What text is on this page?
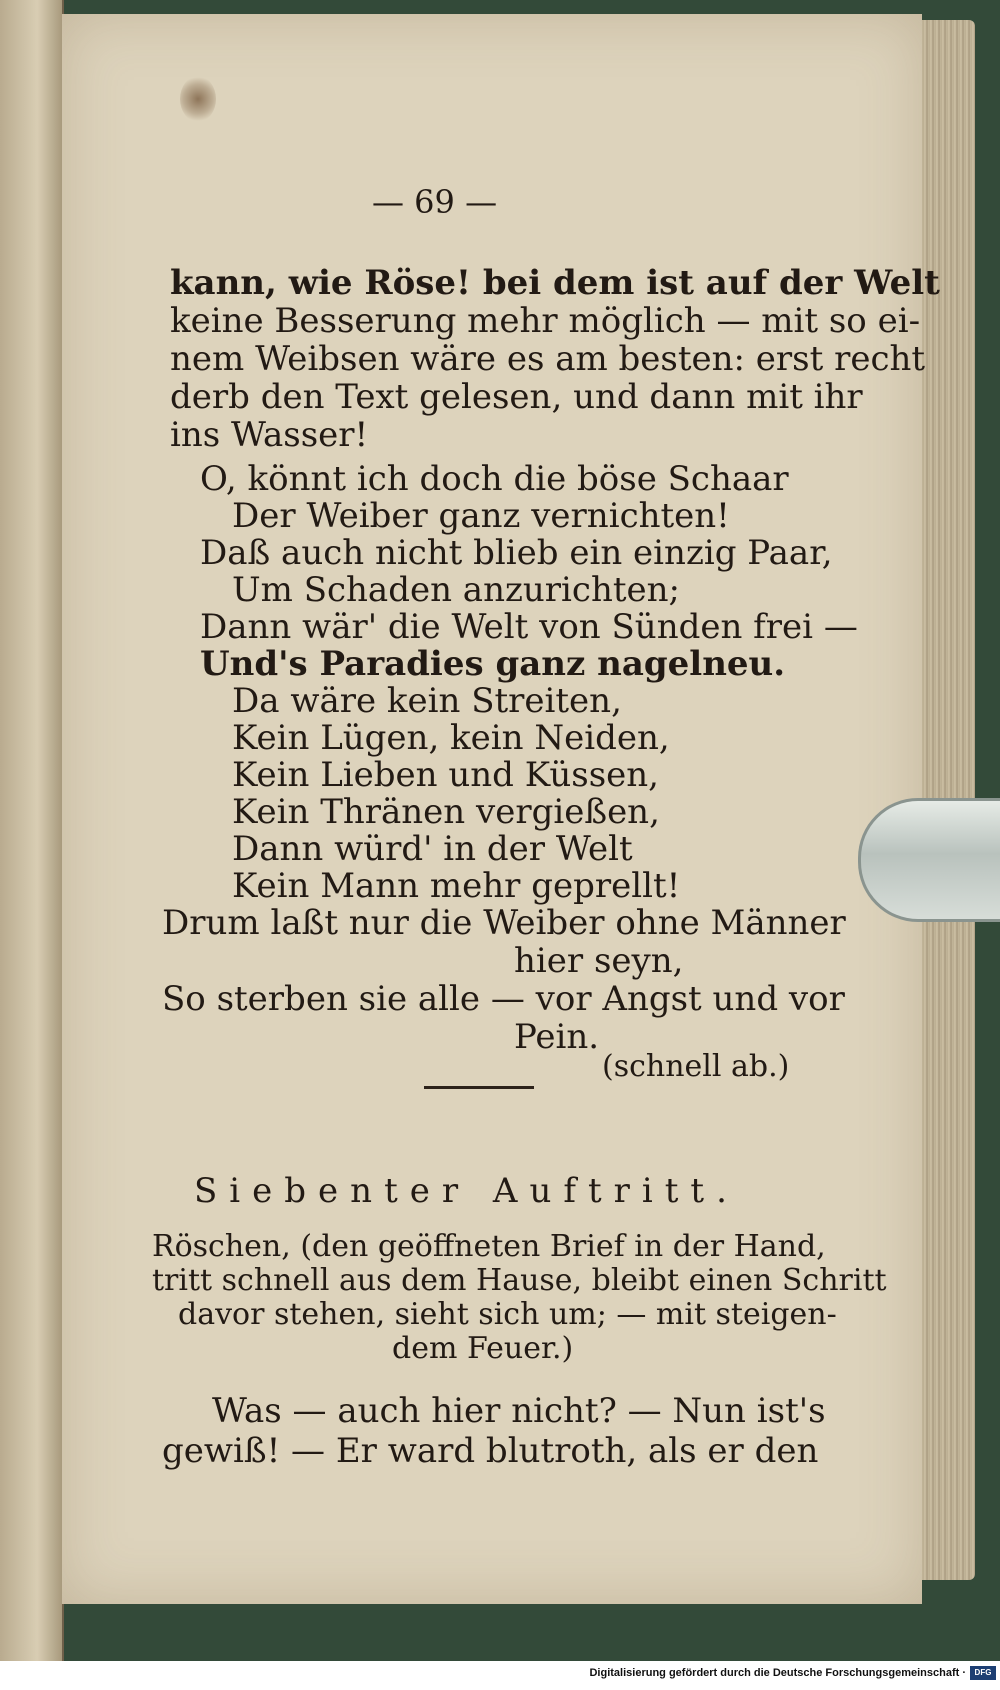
— 69 —
kann, wie Röse! bei dem ist auf der Welt
keine Besserung mehr möglich — mit so ei-
nem Weibsen wäre es am besten: erst recht
derb den Text gelesen, und dann mit ihr
ins Wasser!
O, könnt ich doch die böse Schaar
Der Weiber ganz vernichten!
Daß auch nicht blieb ein einzig Paar,
Um Schaden anzurichten;
Dann wär' die Welt von Sünden frei —
Und's Paradies ganz nagelneu.
Da wäre kein Streiten,
Kein Lügen, kein Neiden,
Kein Lieben und Küssen,
Kein Thränen vergießen,
Dann würd' in der Welt
Kein Mann mehr geprellt!
Drum laßt nur die Weiber ohne Männer
hier seyn,
So sterben sie alle — vor Angst und vor
Pein.
(schnell ab.)
Siebenter Auftritt.
Röschen, (den geöffneten Brief in der Hand,
tritt schnell aus dem Hause, bleibt einen Schritt
davor stehen, sieht sich um; — mit steigen-
dem Feuer.)
Was — auch hier nicht? — Nun ist's
gewiß! — Er ward blutroth, als er den
Digitalisierung gefördert durch die Deutsche Forschungsgemeinschaft ·	DFG
